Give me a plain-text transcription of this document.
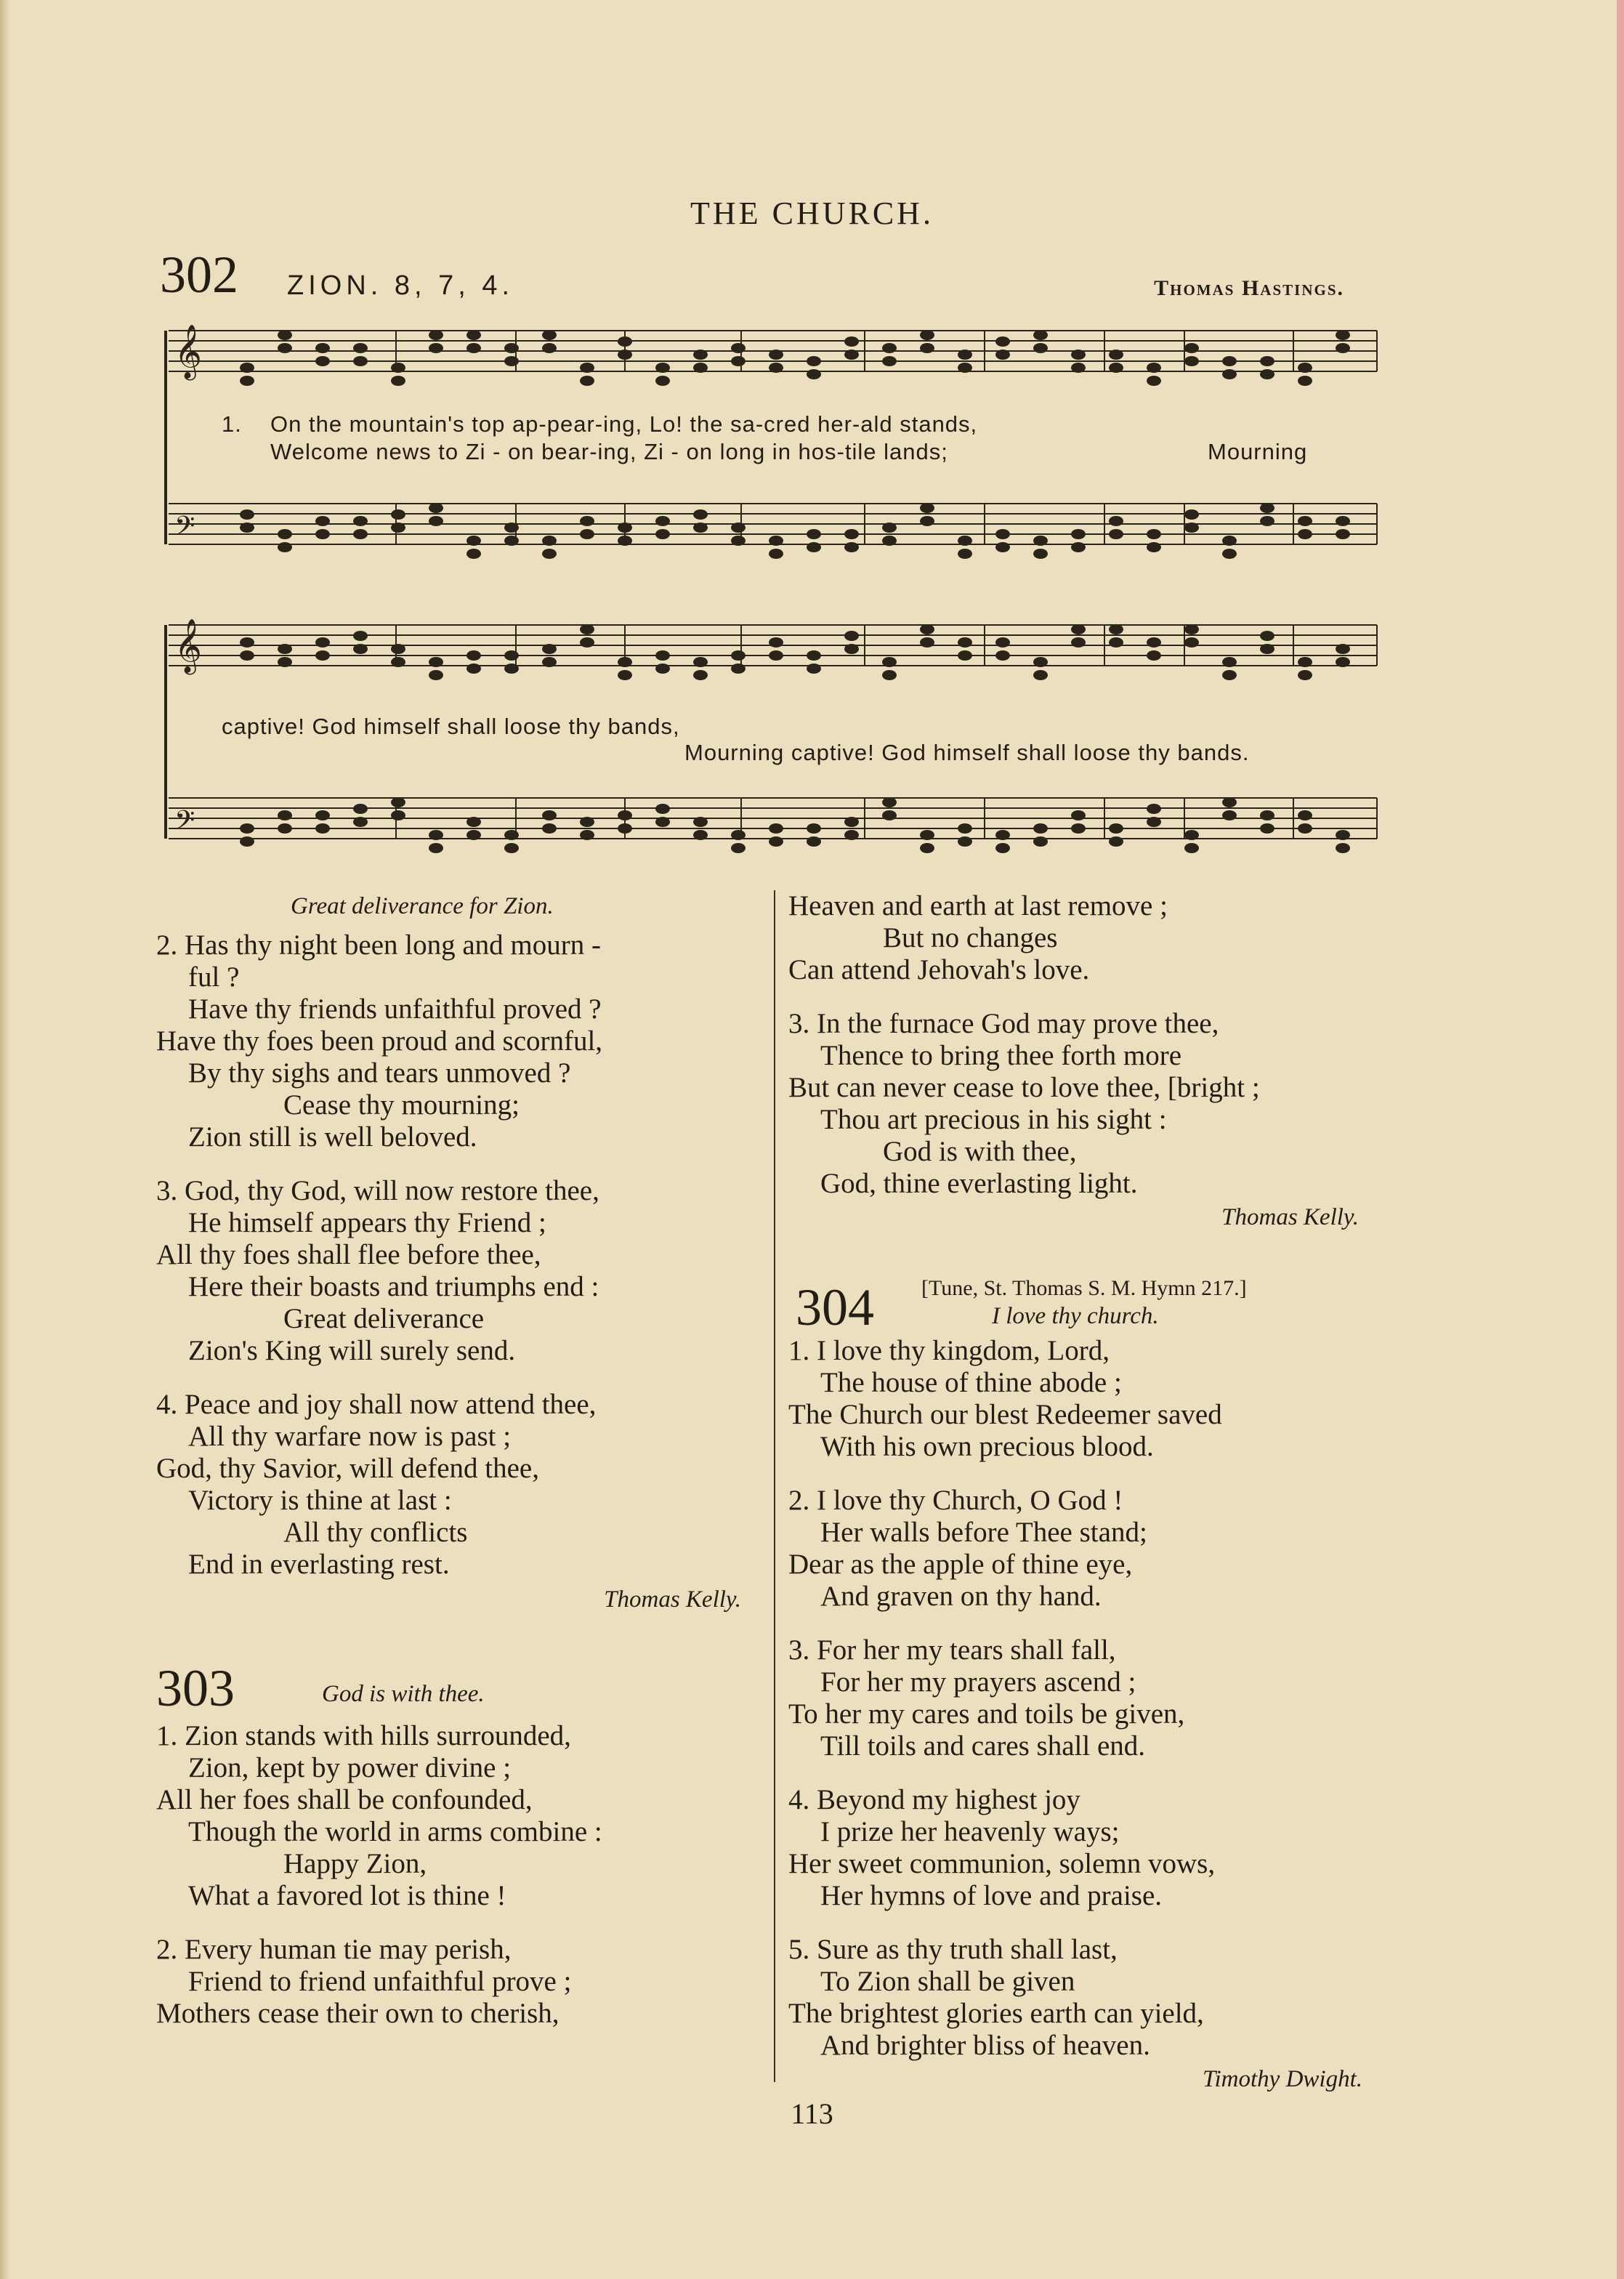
THE CHURCH.
302 ZION. 8, 7, 4.	Thomas Hastings.
𝄞
𝄢
𝄞
𝄢
1. On the mountain's top ap-pear-ing, Lo! the sa-cred her-ald stands,
Welcome news to Zi - on bear-ing, Zi - on long in hos-tile lands;	Mourning
captive! God himself shall loose thy bands,
Mourning captive! God himself shall loose thy bands.
Great deliverance for Zion.
2. Has thy night been long and mourn -
ful ?
Have thy friends unfaithful proved ?
Have thy foes been proud and scornful,
By thy sighs and tears unmoved ?
Cease thy mourning;
Zion still is well beloved.
3. God, thy God, will now restore thee,
He himself appears thy Friend ;
All thy foes shall flee before thee,
Here their boasts and triumphs end :
Great deliverance
Zion's King will surely send.
4. Peace and joy shall now attend thee,
All thy warfare now is past ;
God, thy Savior, will defend thee,
Victory is thine at last :
All thy conflicts
End in everlasting rest.
Thomas Kelly.
303	God is with thee.
1. Zion stands with hills surrounded,
Zion, kept by power divine ;
All her foes shall be confounded,
Though the world in arms combine :
Happy Zion,
What a favored lot is thine !
2. Every human tie may perish,
Friend to friend unfaithful prove ;
Mothers cease their own to cherish,
Heaven and earth at last remove ;
But no changes
Can attend Jehovah's love.
3. In the furnace God may prove thee,
Thence to bring thee forth more
But can never cease to love thee, [bright ;
Thou art precious in his sight :
God is with thee,
God, thine everlasting light.
Thomas Kelly.
304 [Tune, St. Thomas S. M. Hymn 217.]
I love thy church.
1. I love thy kingdom, Lord,
The house of thine abode ;
The Church our blest Redeemer saved
With his own precious blood.
2. I love thy Church, O God !
Her walls before Thee stand;
Dear as the apple of thine eye,
And graven on thy hand.
3. For her my tears shall fall,
For her my prayers ascend ;
To her my cares and toils be given,
Till toils and cares shall end.
4. Beyond my highest joy
I prize her heavenly ways;
Her sweet communion, solemn vows,
Her hymns of love and praise.
5. Sure as thy truth shall last,
To Zion shall be given
The brightest glories earth can yield,
And brighter bliss of heaven.
Timothy Dwight.
113
